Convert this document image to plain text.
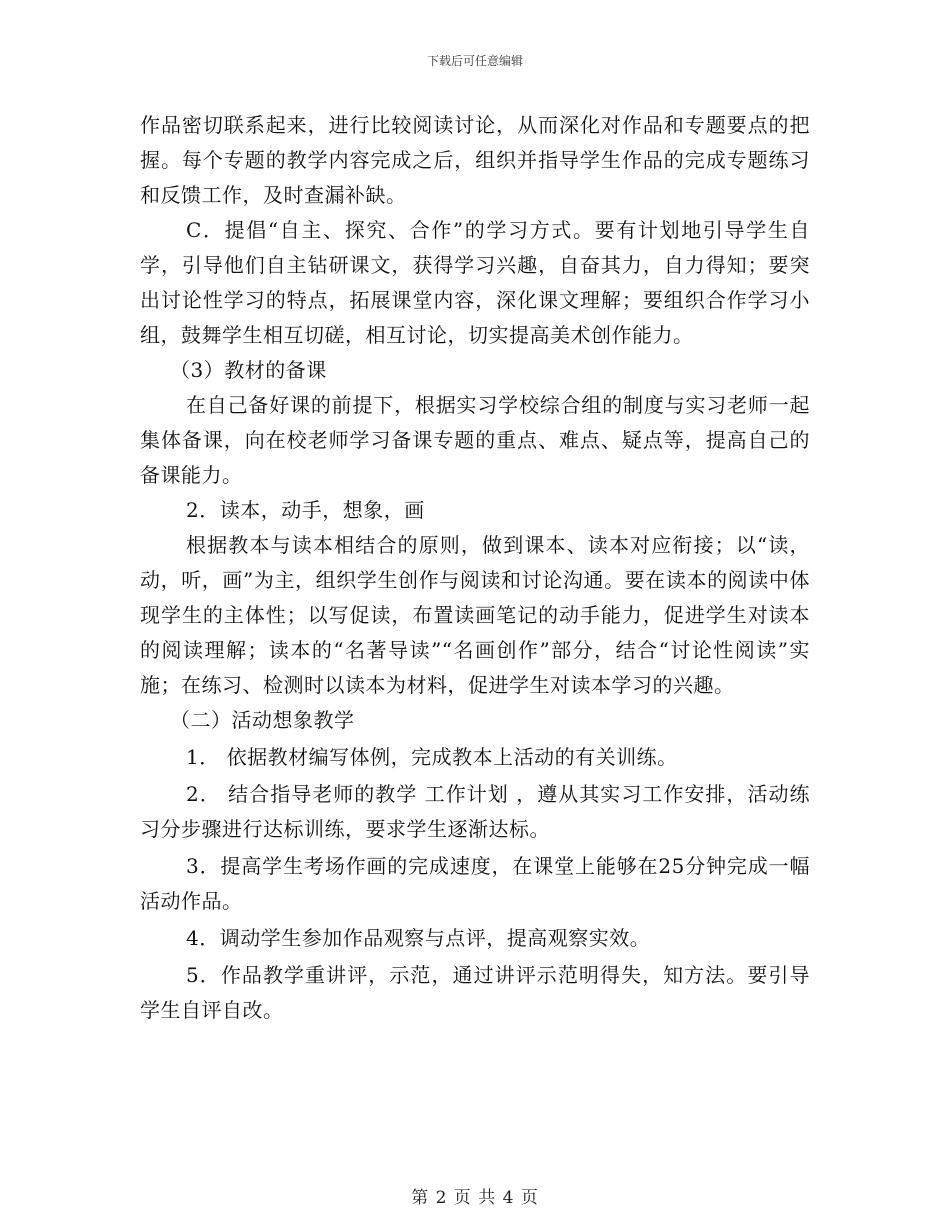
下载后可任意编辑

作品密切联系起来，进行比较阅读讨论，从而深化对作品和专题要点的把握。每个专题的教学内容完成之后，组织并指导学生作品的完成专题练习和反馈工作，及时查漏补缺。

C．提倡“自主、探究、合作”的学习方式。要有计划地引导学生自学，引导他们自主钻研课文，获得学习兴趣，自奋其力，自力得知；要突出讨论性学习的特点，拓展课堂内容，深化课文理解；要组织合作学习小组，鼓舞学生相互切磋，相互讨论，切实提高美术创作能力。

（3）教材的备课

在自己备好课的前提下，根据实习学校综合组的制度与实习老师一起集体备课，向在校老师学习备课专题的重点、难点、疑点等，提高自己的备课能力。

2．读本，动手，想象，画

根据教本与读本相结合的原则，做到课本、读本对应衔接；以“读，动，听，画”为主，组织学生创作与阅读和讨论沟通。要在读本的阅读中体现学生的主体性；以写促读，布置读画笔记的动手能力，促进学生对读本的阅读理解；读本的“名著导读”“名画创作”部分，结合“讨论性阅读”实施；在练习、检测时以读本为材料，促进学生对读本学习的兴趣。

（二）活动想象教学

1． 依据教材编写体例，完成教本上活动的有关训练。

2． 结合指导老师的教学 工作计划 ，遵从其实习工作安排，活动练习分步骤进行达标训练，要求学生逐渐达标。

3．提高学生考场作画的完成速度，在课堂上能够在25分钟完成一幅活动作品。

4．调动学生参加作品观察与点评，提高观察实效。

5．作品教学重讲评，示范，通过讲评示范明得失，知方法。要引导学生自评自改。

第 2 页 共 4 页
